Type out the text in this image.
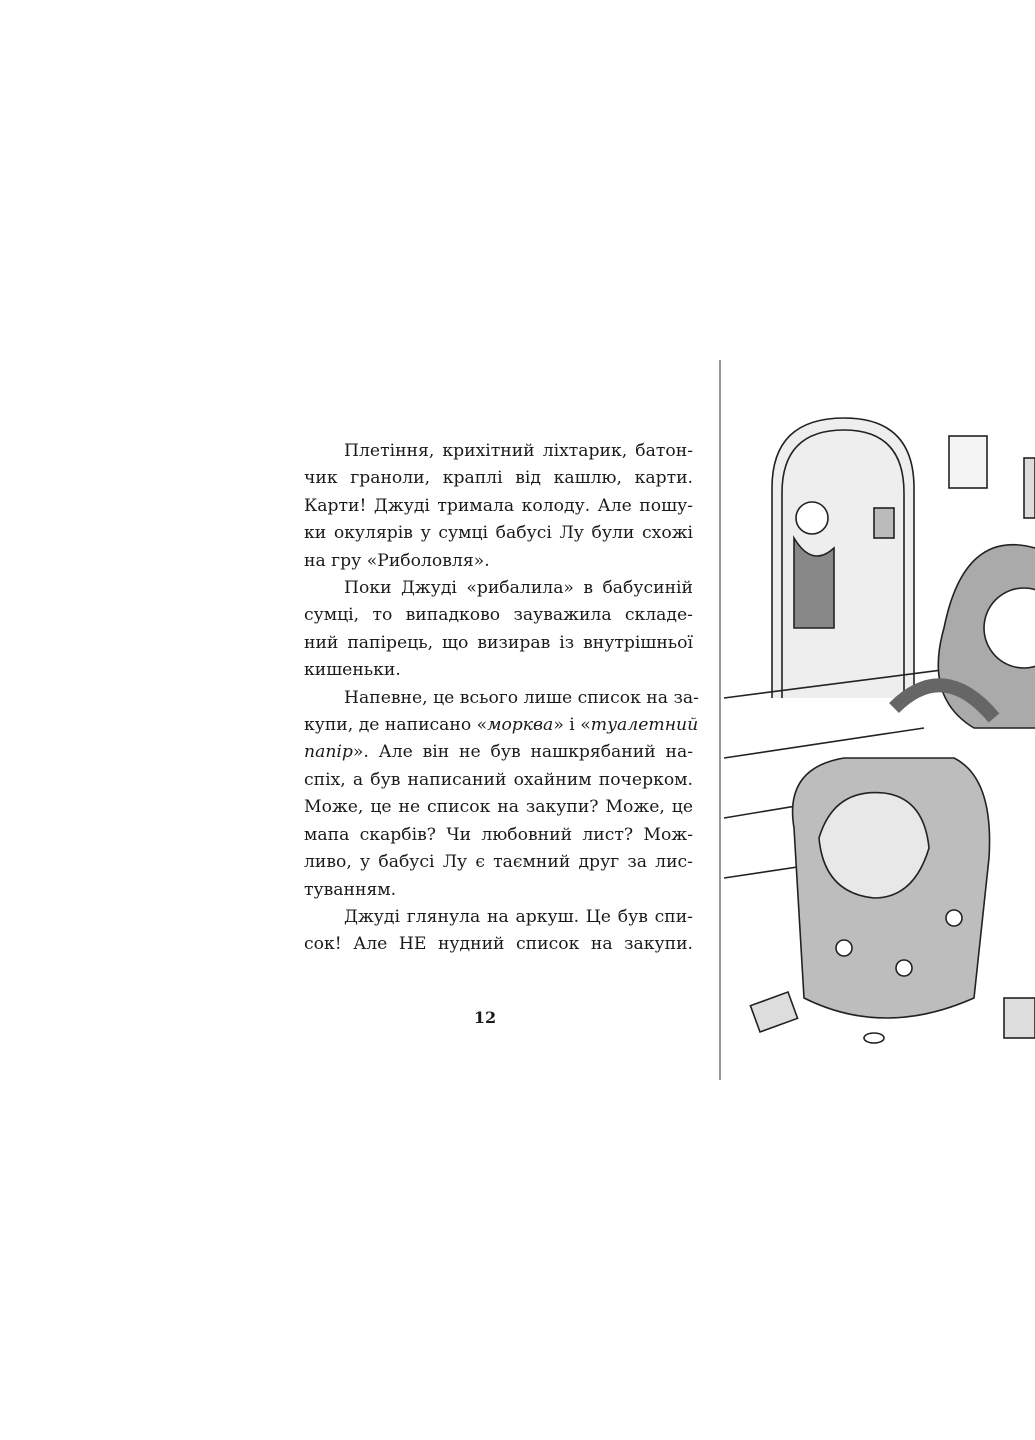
Плетіння, крихітний ліхтарик, батон-
чик граноли, краплі від кашлю, карти.
Карти! Джуді тримала колоду. Але пошу-
ки окулярів у сумці бабусі Лу були схожі
на гру «Риболовля».
Поки Джуді «рибалила» в бабусиній
сумці, то випадково зауважила складе-
ний папірець, що визирав із внутрішньої
кишеньки.
Напевне, це всього лише список на за-
купи, де написано «морква» і «туалетний
папір». Але він не був нашкрябаний на-
спіх, а був написаний охайним почерком.
Може, це не список на закупи? Може, це
мапа скарбів? Чи любовний лист? Мож-
ливо, у бабусі Лу є таємний друг за лис-
туванням.
Джуді глянула на аркуш. Це був спи-
сок! Але НЕ нудний список на закупи.
12
